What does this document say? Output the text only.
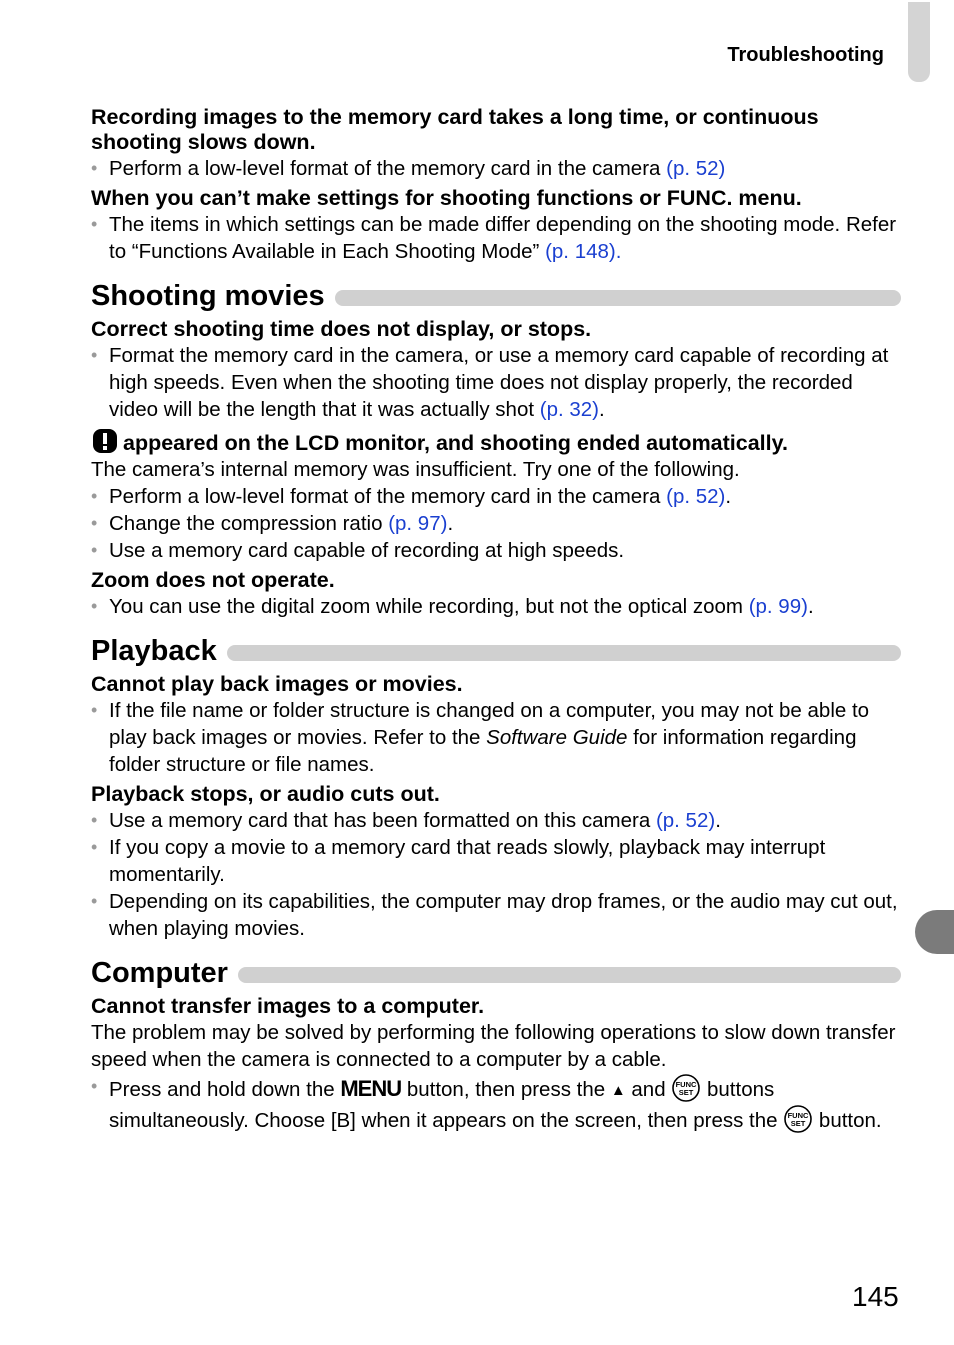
Troubleshooting
Recording images to the memory card takes a long time, or continuous shooting slows down.
• Perform a low-level format of the memory card in the camera (p. 52)
When you can’t make settings for shooting functions or FUNC. menu.
• The items in which settings can be made differ depending on the shooting mode. Refer to “Functions Available in Each Shooting Mode” (p. 148).
Shooting movies
Correct shooting time does not display, or stops.
• Format the memory card in the camera, or use a memory card capable of recording at high speeds. Even when the shooting time does not display properly, the recorded video will be the length that it was actually shot (p. 32).
appeared on the LCD monitor, and shooting ended automatically.
The camera’s internal memory was insufficient. Try one of the following.
• Perform a low-level format of the memory card in the camera (p. 52).
• Change the compression ratio (p. 97).
• Use a memory card capable of recording at high speeds.
Zoom does not operate.
• You can use the digital zoom while recording, but not the optical zoom (p. 99).
Playback
Cannot play back images or movies.
• If the file name or folder structure is changed on a computer, you may not be able to play back images or movies. Refer to the Software Guide for information regarding folder structure or file names.
Playback stops, or audio cuts out.
• Use a memory card that has been formatted on this camera (p. 52).
• If you copy a movie to a memory card that reads slowly, playback may interrupt momentarily.
• Depending on its capabilities, the computer may drop frames, or the audio may cut out, when playing movies.
Computer
Cannot transfer images to a computer.
The problem may be solved by performing the following operations to slow down transfer speed when the camera is connected to a computer by a cable.
• Press and hold down the MENU button, then press the ▲ and FUNC
SET buttons simultaneously. Choose [B] when it appears on the screen, then press the FUNC
SET button.
145
